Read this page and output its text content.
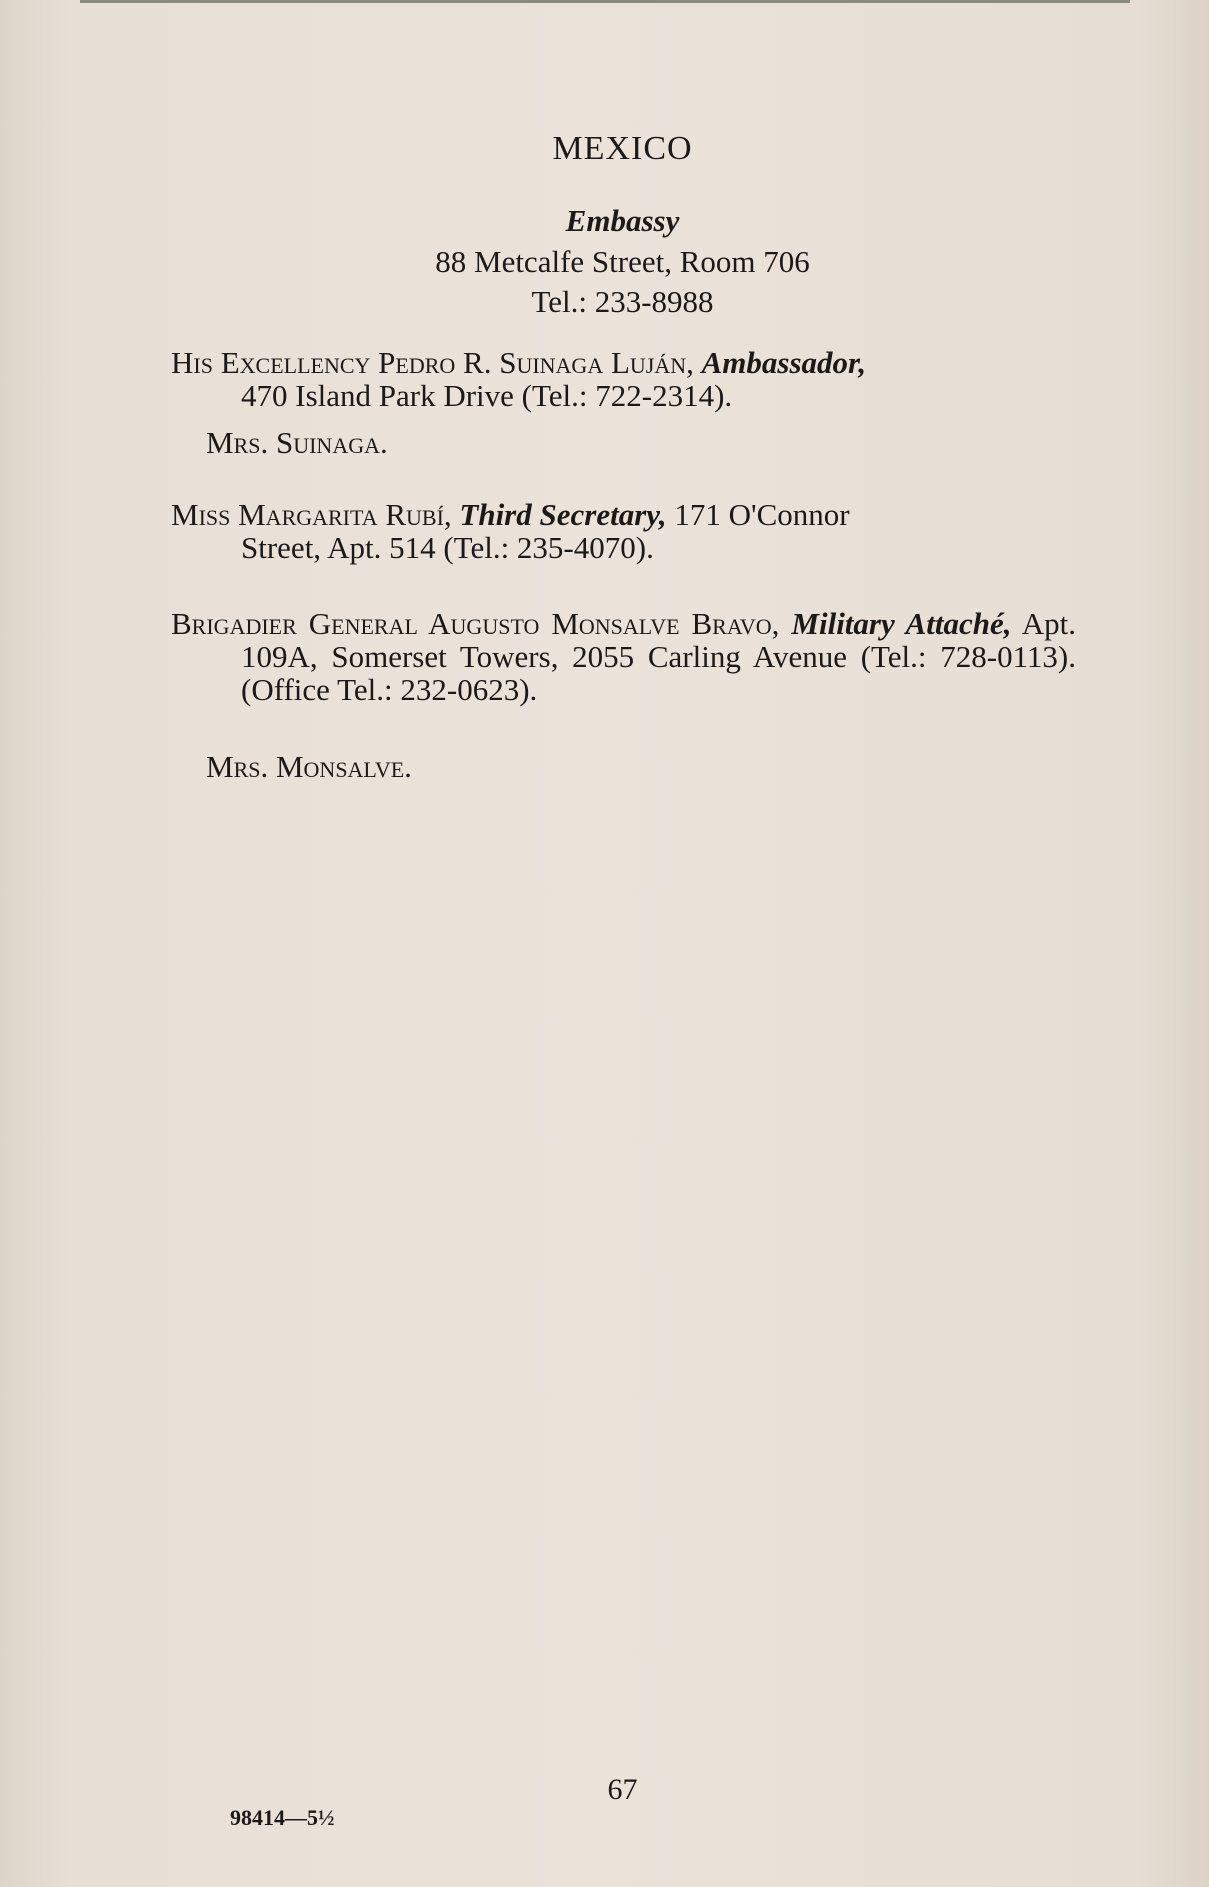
MEXICO
Embassy
88 Metcalfe Street, Room 706
Tel.: 233-8988
His Excellency Pedro R. Suinaga Luján, Ambassador,
470 Island Park Drive (Tel.: 722-2314).
Mrs. Suinaga.
Miss Margarita Rubí, Third Secretary, 171 O'Connor
Street, Apt. 514 (Tel.: 235-4070).
Brigadier General Augusto Monsalve Bravo, Military Attaché, Apt. 109A, Somerset Towers, 2055 Carling Avenue (Tel.: 728-0113). (Office Tel.: 232-0623).
Mrs. Monsalve.
67
98414—5½
